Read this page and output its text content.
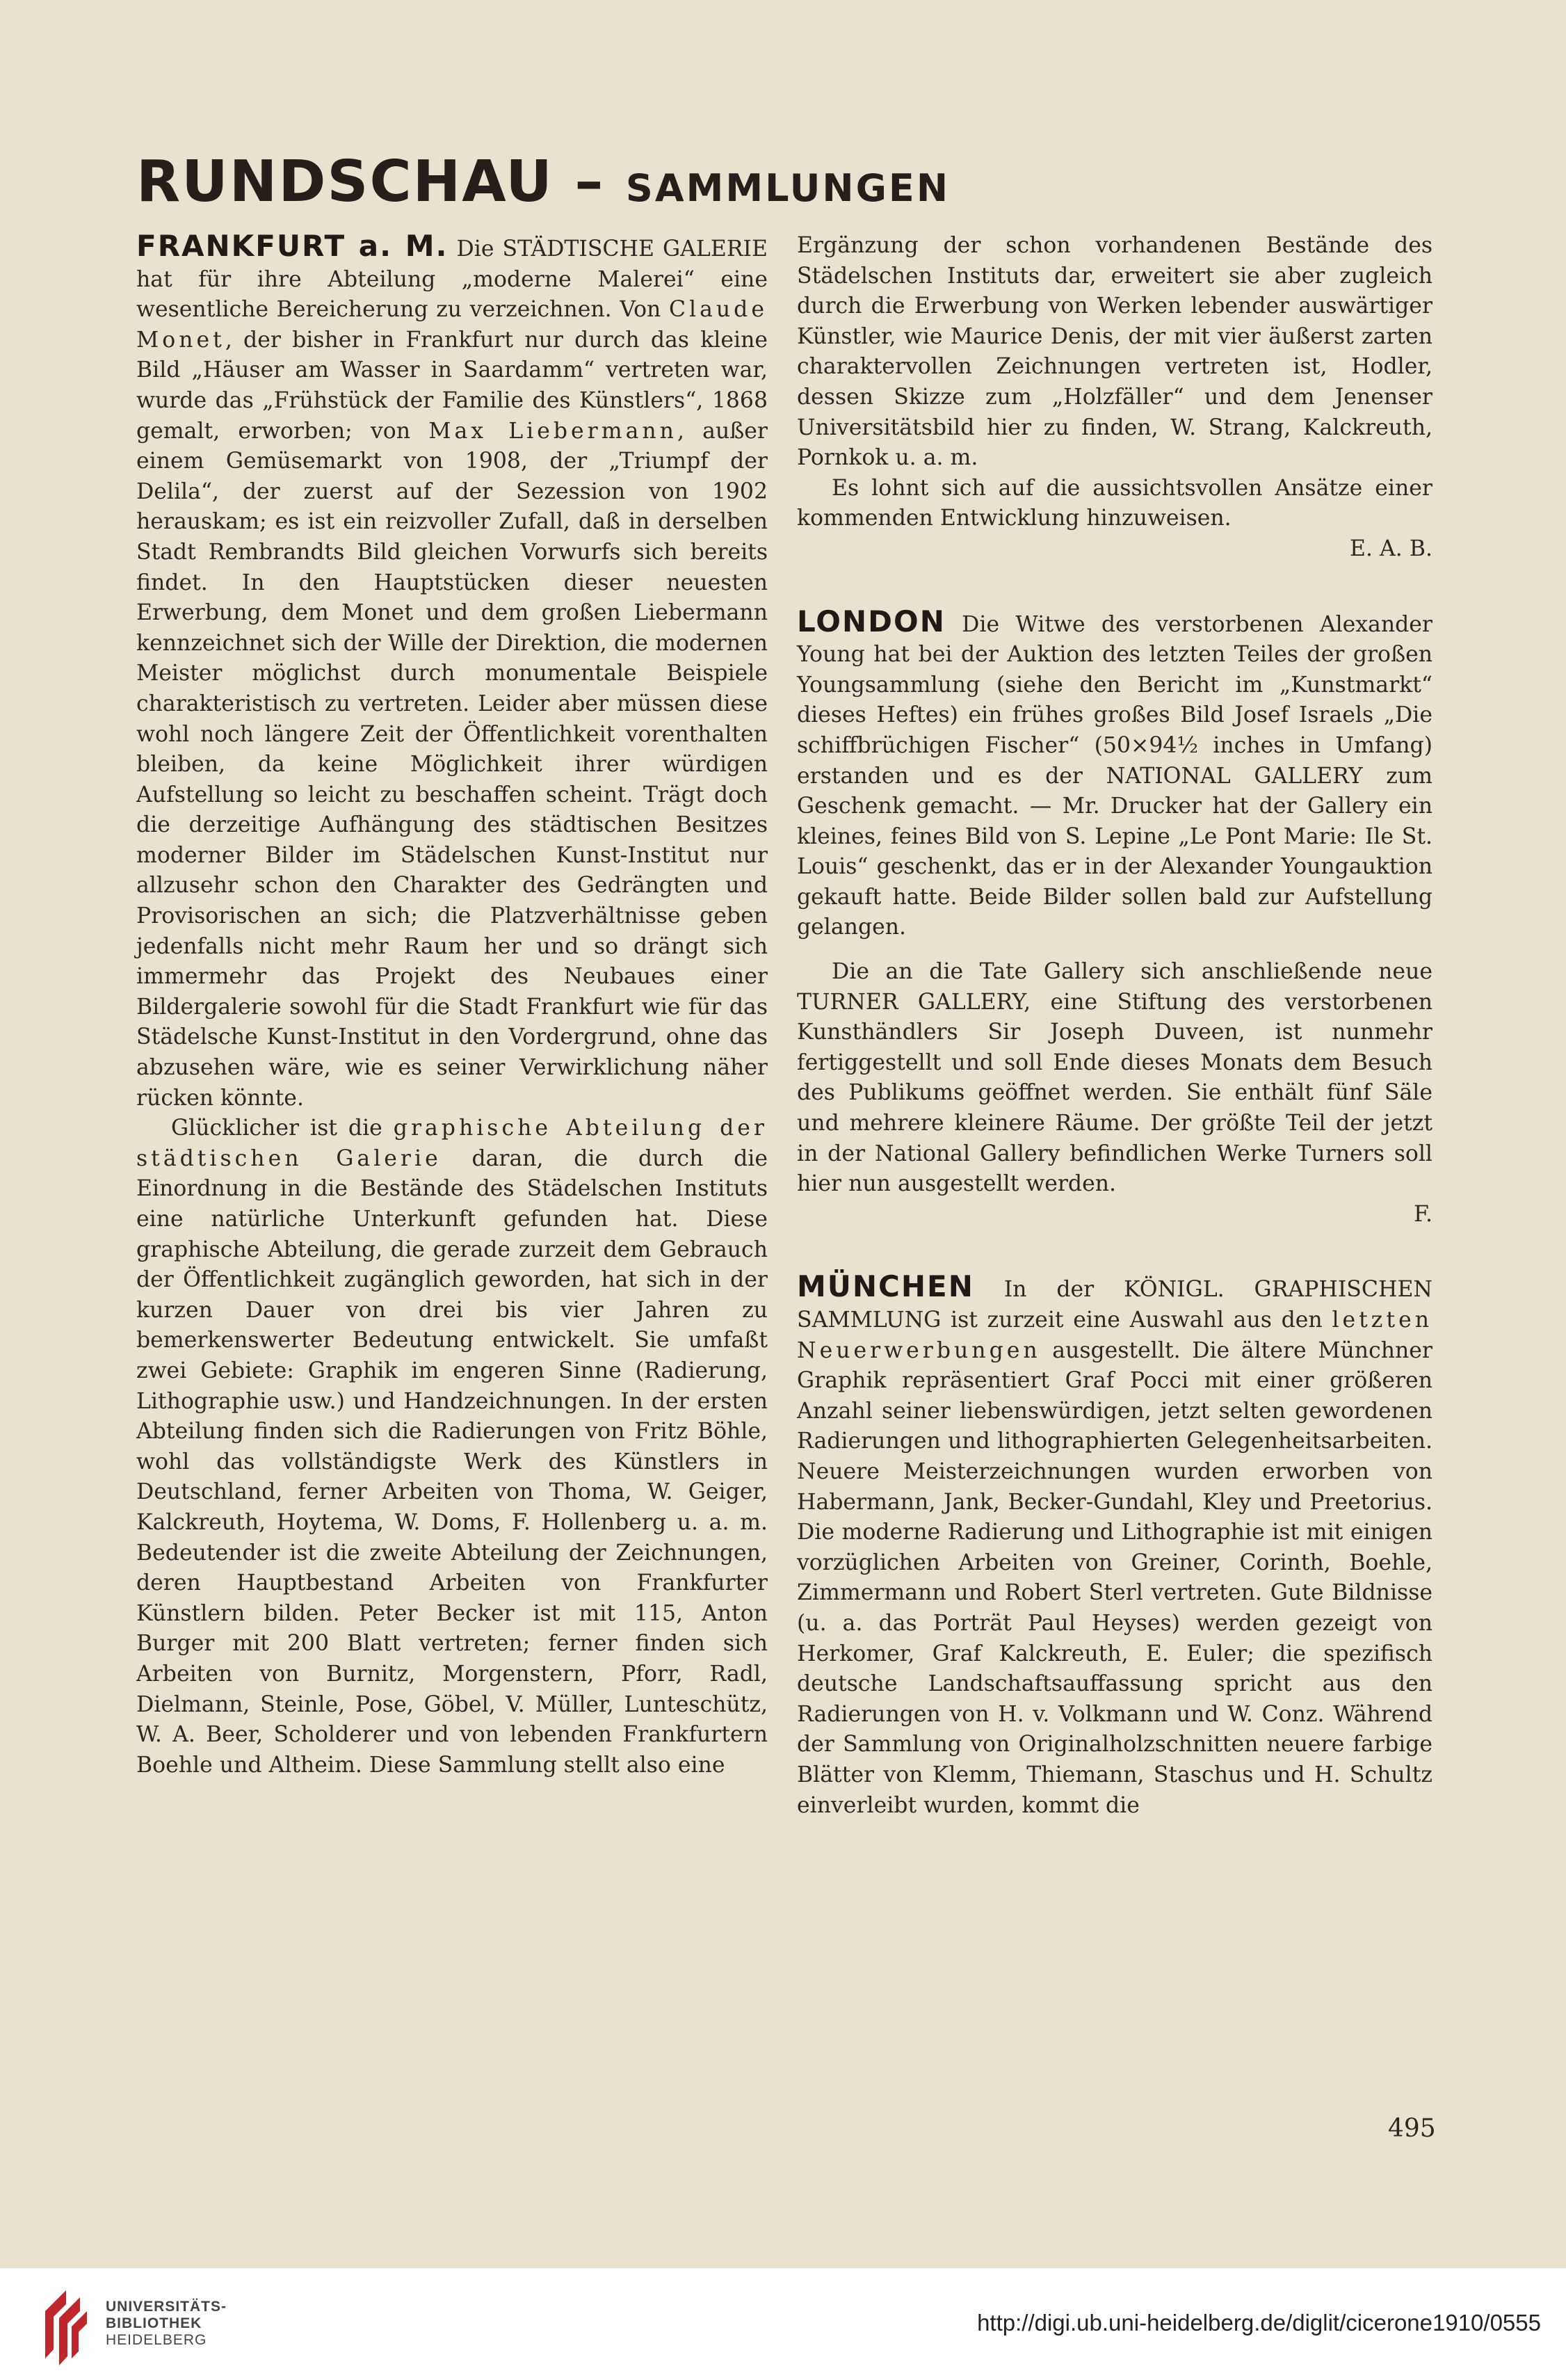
RUNDSCHAU – SAMMLUNGEN

FRANKFURT a. M. Die STÄDTISCHE GALERIE hat für ihre Abteilung „moderne Malerei“ eine wesentliche Bereicherung zu verzeichnen. Von Claude Monet, der bisher in Frankfurt nur durch das kleine Bild „Häuser am Wasser in Saardamm“ vertreten war, wurde das „Frühstück der Familie des Künstlers“, 1868 gemalt, erworben; von Max Liebermann, außer einem Gemüsemarkt von 1908, der „Triumpf der Delila“, der zuerst auf der Sezession von 1902 herauskam; es ist ein reizvoller Zufall, daß in derselben Stadt Rembrandts Bild gleichen Vorwurfs sich bereits findet. In den Hauptstücken dieser neuesten Erwerbung, dem Monet und dem großen Liebermann kennzeichnet sich der Wille der Direktion, die modernen Meister möglichst durch monumentale Beispiele charakteristisch zu vertreten. Leider aber müssen diese wohl noch längere Zeit der Öffentlichkeit vorenthalten bleiben, da keine Möglichkeit ihrer würdigen Aufstellung so leicht zu beschaffen scheint. Trägt doch die derzeitige Aufhängung des städtischen Besitzes moderner Bilder im Städelschen Kunst-Institut nur allzusehr schon den Charakter des Gedrängten und Provisorischen an sich; die Platzverhältnisse geben jedenfalls nicht mehr Raum her und so drängt sich immermehr das Projekt des Neubaues einer Bildergalerie sowohl für die Stadt Frankfurt wie für das Städelsche Kunst-Institut in den Vordergrund, ohne das abzusehen wäre, wie es seiner Verwirklichung näher rücken könnte.

Glücklicher ist die graphische Abteilung der städtischen Galerie daran, die durch die Einordnung in die Bestände des Städelschen Instituts eine natürliche Unterkunft gefunden hat. Diese graphische Abteilung, die gerade zurzeit dem Gebrauch der Öffentlichkeit zugänglich geworden, hat sich in der kurzen Dauer von drei bis vier Jahren zu bemerkenswerter Bedeutung entwickelt. Sie umfaßt zwei Gebiete: Graphik im engeren Sinne (Radierung, Lithographie usw.) und Handzeichnungen. In der ersten Abteilung finden sich die Radierungen von Fritz Böhle, wohl das vollständigste Werk des Künstlers in Deutschland, ferner Arbeiten von Thoma, W. Geiger, Kalckreuth, Hoytema, W. Doms, F. Hollenberg u. a. m. Bedeutender ist die zweite Abteilung der Zeichnungen, deren Hauptbestand Arbeiten von Frankfurter Künstlern bilden. Peter Becker ist mit 115, Anton Burger mit 200 Blatt vertreten; ferner finden sich Arbeiten von Burnitz, Morgenstern, Pforr, Radl, Dielmann, Steinle, Pose, Göbel, V. Müller, Luntеschütz, W. A. Beer, Scholderer und von lebenden Frankfurtern Boehle und Altheim. Diese Sammlung stellt also eine

Ergänzung der schon vorhandenen Bestände des Städelschen Instituts dar, erweitert sie aber zugleich durch die Erwerbung von Werken lebender auswärtiger Künstler, wie Maurice Denis, der mit vier äußerst zarten charaktervollen Zeichnungen vertreten ist, Hodler, dessen Skizze zum „Holzfäller“ und dem Jenenser Universitätsbild hier zu finden, W. Strang, Kalckreuth, Pornkok u. a. m.

Es lohnt sich auf die aussichtsvollen Ansätze einer kommenden Entwicklung hinzuweisen.

E. A. B.

LONDON Die Witwe des verstorbenen Alexander Young hat bei der Auktion des letzten Teiles der großen Youngsammlung (siehe den Bericht im „Kunstmarkt“ dieses Heftes) ein frühes großes Bild Josef Israels „Die schiffbrüchigen Fischer“ (50×94½ inches in Umfang) erstanden und es der NATIONAL GALLERY zum Geschenk gemacht. — Mr. Drucker hat der Gallery ein kleines, feines Bild von S. Lepine „Le Pont Marie: Ile St. Louis“ geschenkt, das er in der Alexander Youngauktion gekauft hatte. Beide Bilder sollen bald zur Aufstellung gelangen.

Die an die Tate Gallery sich anschließende neue TURNER GALLERY, eine Stiftung des verstorbenen Kunsthändlers Sir Joseph Duveen, ist nunmehr fertiggestellt und soll Ende dieses Monats dem Besuch des Publikums geöffnet werden. Sie enthält fünf Säle und mehrere kleinere Räume. Der größte Teil der jetzt in der National Gallery befindlichen Werke Turners soll hier nun ausgestellt werden.

F.

MÜNCHEN In der KÖNIGL. GRAPHISCHEN SAMMLUNG ist zurzeit eine Auswahl aus den letzten Neuerwerbungen ausgestellt. Die ältere Münchner Graphik repräsentiert Graf Pocci mit einer größeren Anzahl seiner liebenswürdigen, jetzt selten gewordenen Radierungen und lithographierten Gelegenheitsarbeiten. Neuere Meisterzeichnungen wurden erworben von Habermann, Jank, Becker-Gundahl, Kley und Preetorius. Die moderne Radierung und Lithographie ist mit einigen vorzüglichen Arbeiten von Greiner, Corinth, Boehle, Zimmermann und Robert Sterl vertreten. Gute Bildnisse (u. a. das Porträt Paul Heyses) werden gezeigt von Herkomer, Graf Kalckreuth, E. Euler; die spezifisch deutsche Landschaftsauffassung spricht aus den Radierungen von H. v. Volkmann und W. Conz. Während der Sammlung von Originalholzschnitten neuere farbige Blätter von Klemm, Thiemann, Staschus und H. Schultz einverleibt wurden, kommt die

495
UNIVERSITÄTS-
BIBLIOTHEK
HEIDELBERG
http://digi.ub.uni-heidelberg.de/diglit/cicerone1910/0555
